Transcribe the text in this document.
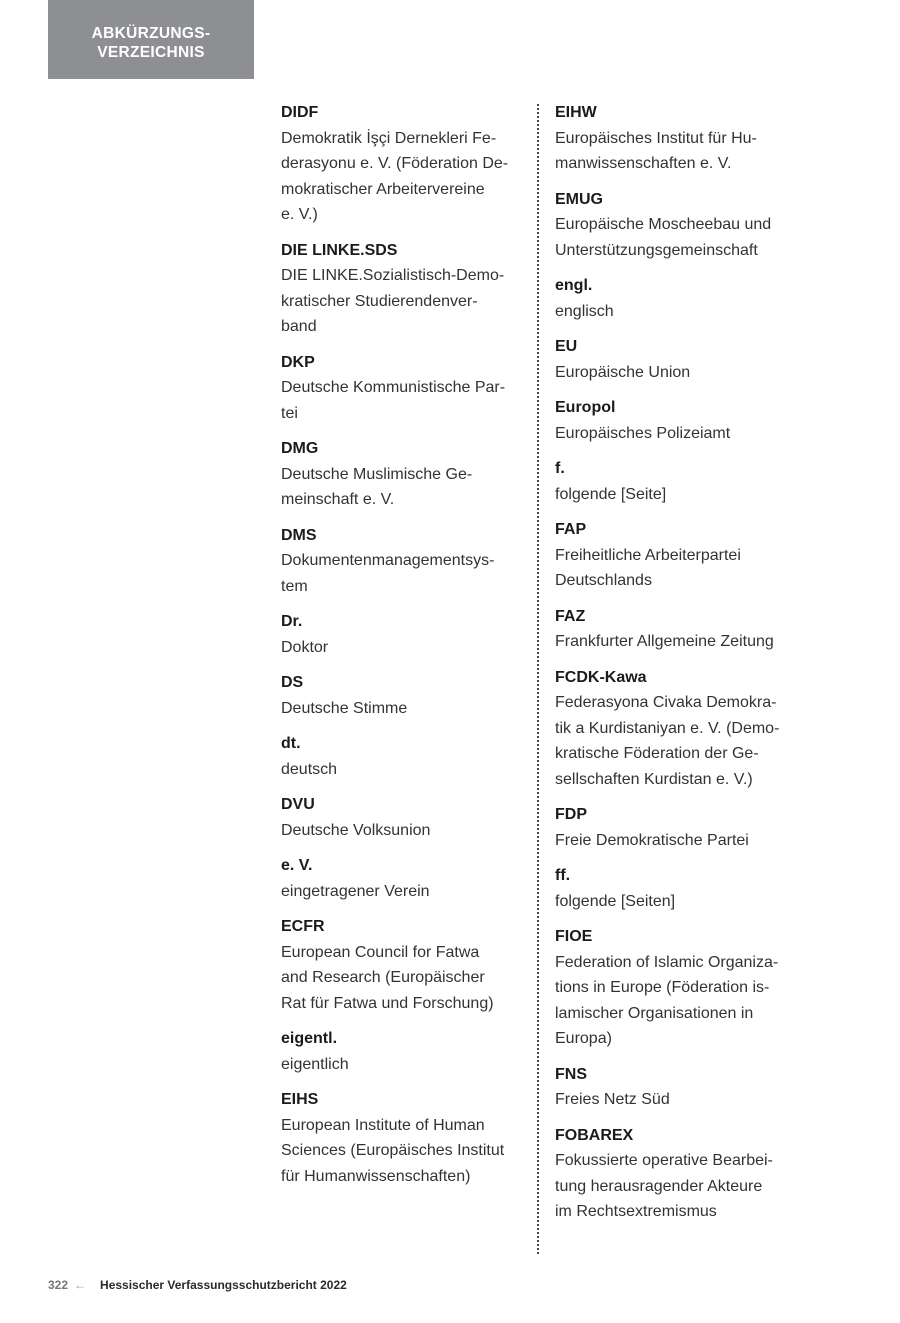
ABKÜRZUNGS-
VERZEICHNIS
DIDF
Demokratik İşçi Dernekleri Fe-
derasyonu e. V. (Föderation De-
mokratischer Arbeitervereine
e. V.)
DIE LINKE.SDS
DIE LINKE.Sozialistisch-Demo-
kratischer Studierendenver-
band
DKP
Deutsche Kommunistische Par-
tei
DMG
Deutsche Muslimische Ge-
meinschaft e. V.
DMS
Dokumentenmanagementsys-
tem
Dr.
Doktor
DS
Deutsche Stimme
dt.
deutsch
DVU
Deutsche Volksunion
e. V.
eingetragener Verein
ECFR
European Council for Fatwa
and Research (Europäischer
Rat für Fatwa und Forschung)
eigentl.
eigentlich
EIHS
European Institute of Human
Sciences (Europäisches Institut
für Humanwissenschaften)
EIHW
Europäisches Institut für Hu-
manwissenschaften e. V.
EMUG
Europäische Moscheebau und
Unterstützungsgemeinschaft
engl.
englisch
EU
Europäische Union
Europol
Europäisches Polizeiamt
f.
folgende [Seite]
FAP
Freiheitliche Arbeiterpartei
Deutschlands
FAZ
Frankfurter Allgemeine Zeitung
FCDK-Kawa
Federasyona Civaka Demokra-
tik a Kurdistaniyan e. V. (Demo-
kratische Föderation der Ge-
sellschaften Kurdistan e. V.)
FDP
Freie Demokratische Partei
ff.
folgende [Seiten]
FIOE
Federation of Islamic Organiza-
tions in Europe (Föderation is-
lamischer Organisationen in
Europa)
FNS
Freies Netz Süd
FOBAREX
Fokussierte operative Bearbei-
tung herausragender Akteure
im Rechtsextremismus
322 ← Hessischer Verfassungsschutzbericht 2022
